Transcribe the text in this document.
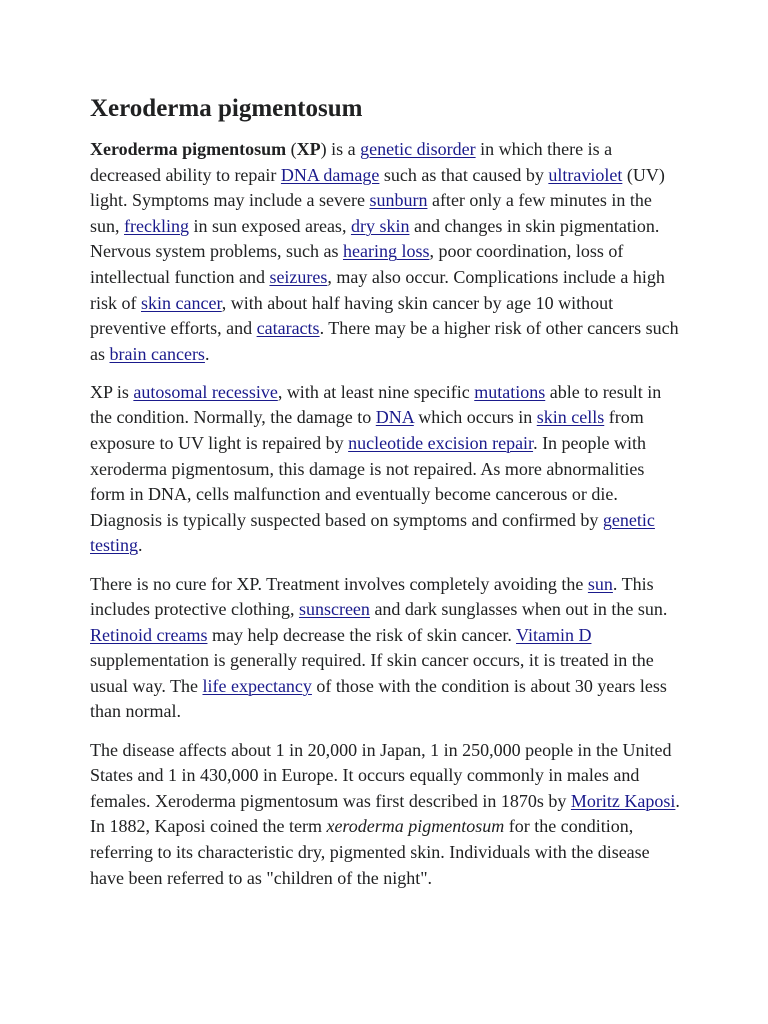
Xeroderma pigmentosum

Xeroderma pigmentosum (XP) is a genetic disorder in which there is a decreased ability to repair DNA damage such as that caused by ultraviolet (UV) light. Symptoms may include a severe sunburn after only a few minutes in the sun, freckling in sun exposed areas, dry skin and changes in skin pigmentation. Nervous system problems, such as hearing loss, poor coordination, loss of intellectual function and seizures, may also occur. Complications include a high risk of skin cancer, with about half having skin cancer by age 10 without preventive efforts, and cataracts. There may be a higher risk of other cancers such as brain cancers.

XP is autosomal recessive, with at least nine specific mutations able to result in the condition. Normally, the damage to DNA which occurs in skin cells from exposure to UV light is repaired by nucleotide excision repair. In people with xeroderma pigmentosum, this damage is not repaired. As more abnormalities form in DNA, cells malfunction and eventually become cancerous or die. Diagnosis is typically suspected based on symptoms and confirmed by genetic testing.

There is no cure for XP. Treatment involves completely avoiding the sun. This includes protective clothing, sunscreen and dark sunglasses when out in the sun. Retinoid creams may help decrease the risk of skin cancer. Vitamin D supplementation is generally required. If skin cancer occurs, it is treated in the usual way. The life expectancy of those with the condition is about 30 years less than normal.

The disease affects about 1 in 20,000 in Japan, 1 in 250,000 people in the United States and 1 in 430,000 in Europe. It occurs equally commonly in males and females. Xeroderma pigmentosum was first described in 1870s by Moritz Kaposi. In 1882, Kaposi coined the term xeroderma pigmentosum for the condition, referring to its characteristic dry, pigmented skin. Individuals with the disease have been referred to as "children of the night".
